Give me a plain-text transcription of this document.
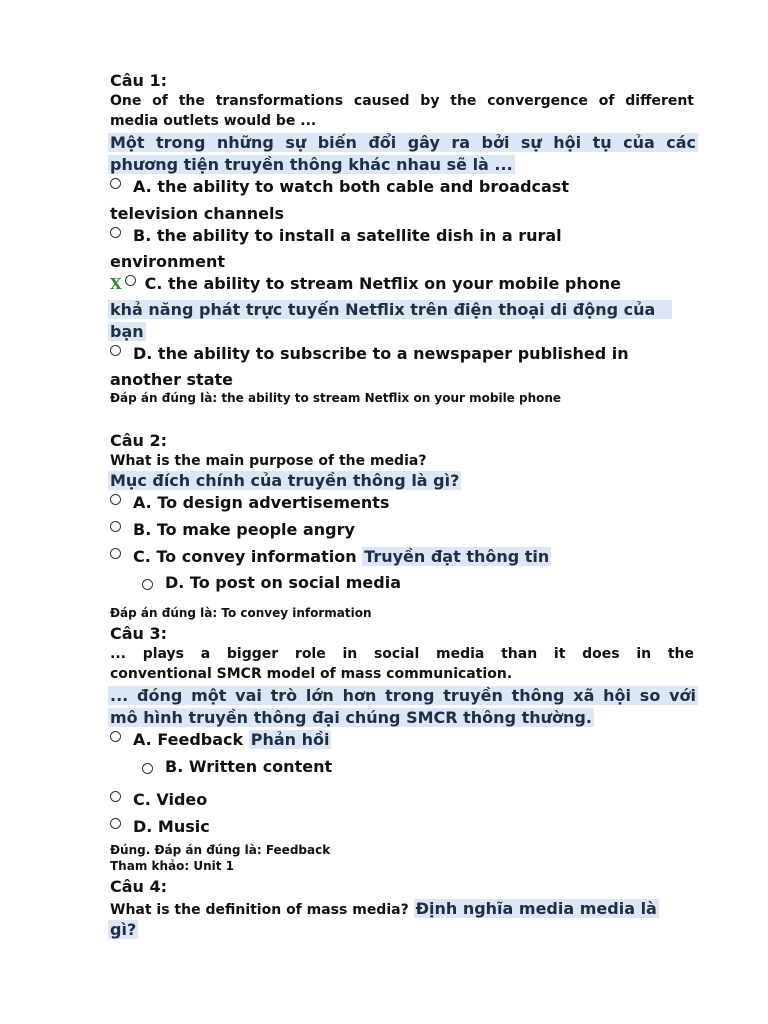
Câu 1:
One of the transformations caused by the convergence of different
media outlets would be ...
Một trong những sự biến đổi gây ra bởi sự hội tụ của các
phương tiện truyền thông khác nhau sẽ là ...
A. the ability to watch both cable and broadcast
television channels
B. the ability to install a satellite dish in a rural
environment
X C. the ability to stream Netflix on your mobile phone
khả năng phát trực tuyến Netflix trên điện thoại di động của
bạn
D. the ability to subscribe to a newspaper published in
another state
Đáp án đúng là: the ability to stream Netflix on your mobile phone
Câu 2:
What is the main purpose of the media?
Mục đích chính của truyền thông là gì?
A. To design advertisements
B. To make people angry
C. To convey information Truyền đạt thông tin
D. To post on social media
Đáp án đúng là: To convey information
Câu 3:
... plays a bigger role in social media than it does in the
conventional SMCR model of mass communication.
... đóng một vai trò lớn hơn trong truyền thông xã hội so với
mô hình truyền thông đại chúng SMCR thông thường.
A. Feedback Phản hồi
B. Written content
C. Video
D. Music
Đúng. Đáp án đúng là: Feedback
Tham khảo: Unit 1
Câu 4:
What is the definition of mass media? Định nghĩa media media là
gì?
